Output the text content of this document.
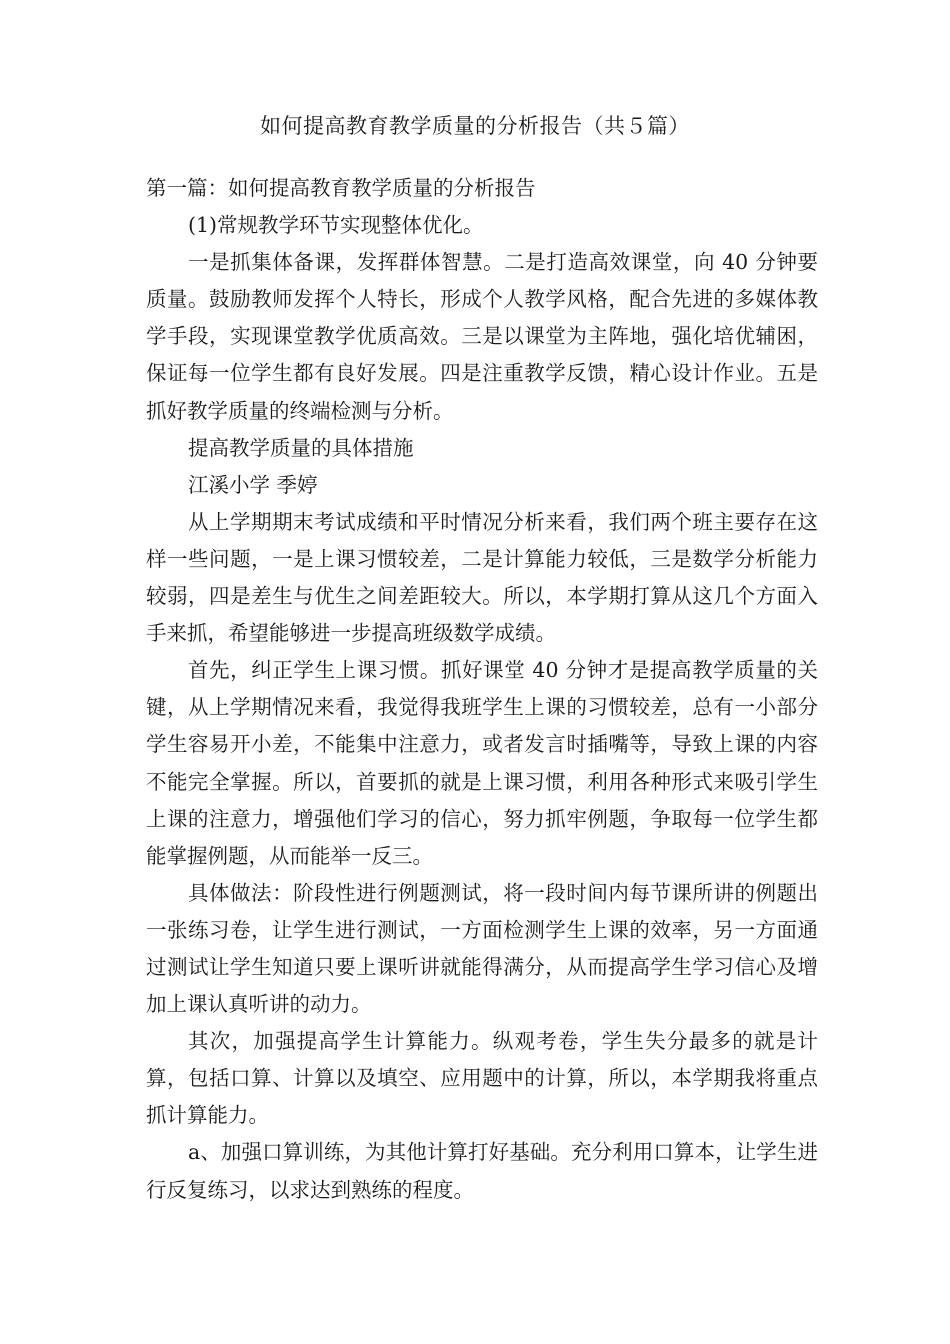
如何提高教育教学质量的分析报告（共５篇）

第一篇：如何提高教育教学质量的分析报告

(1)常规教学环节实现整体优化。

一是抓集体备课，发挥群体智慧。二是打造高效课堂，向 40 分钟要质量。鼓励教师发挥个人特长，形成个人教学风格，配合先进的多媒体教学手段，实现课堂教学优质高效。三是以课堂为主阵地，强化培优辅困，保证每一位学生都有良好发展。四是注重教学反馈，精心设计作业。五是抓好教学质量的终端检测与分析。

提高教学质量的具体措施

江溪小学 季婷

从上学期期末考试成绩和平时情况分析来看，我们两个班主要存在这样一些问题，一是上课习惯较差，二是计算能力较低，三是数学分析能力较弱，四是差生与优生之间差距较大。所以，本学期打算从这几个方面入手来抓，希望能够进一步提高班级数学成绩。

首先，纠正学生上课习惯。抓好课堂 40 分钟才是提高教学质量的关键，从上学期情况来看，我觉得我班学生上课的习惯较差，总有一小部分学生容易开小差，不能集中注意力，或者发言时插嘴等，导致上课的内容不能完全掌握。所以，首要抓的就是上课习惯，利用各种形式来吸引学生上课的注意力，增强他们学习的信心，努力抓牢例题，争取每一位学生都能掌握例题，从而能举一反三。

具体做法：阶段性进行例题测试，将一段时间内每节课所讲的例题出一张练习卷，让学生进行测试，一方面检测学生上课的效率，另一方面通过测试让学生知道只要上课听讲就能得满分，从而提高学生学习信心及增加上课认真听讲的动力。

其次，加强提高学生计算能力。纵观考卷，学生失分最多的就是计算，包括口算、计算以及填空、应用题中的计算，所以，本学期我将重点抓计算能力。

a、加强口算训练，为其他计算打好基础。充分利用口算本，让学生进行反复练习，以求达到熟练的程度。
